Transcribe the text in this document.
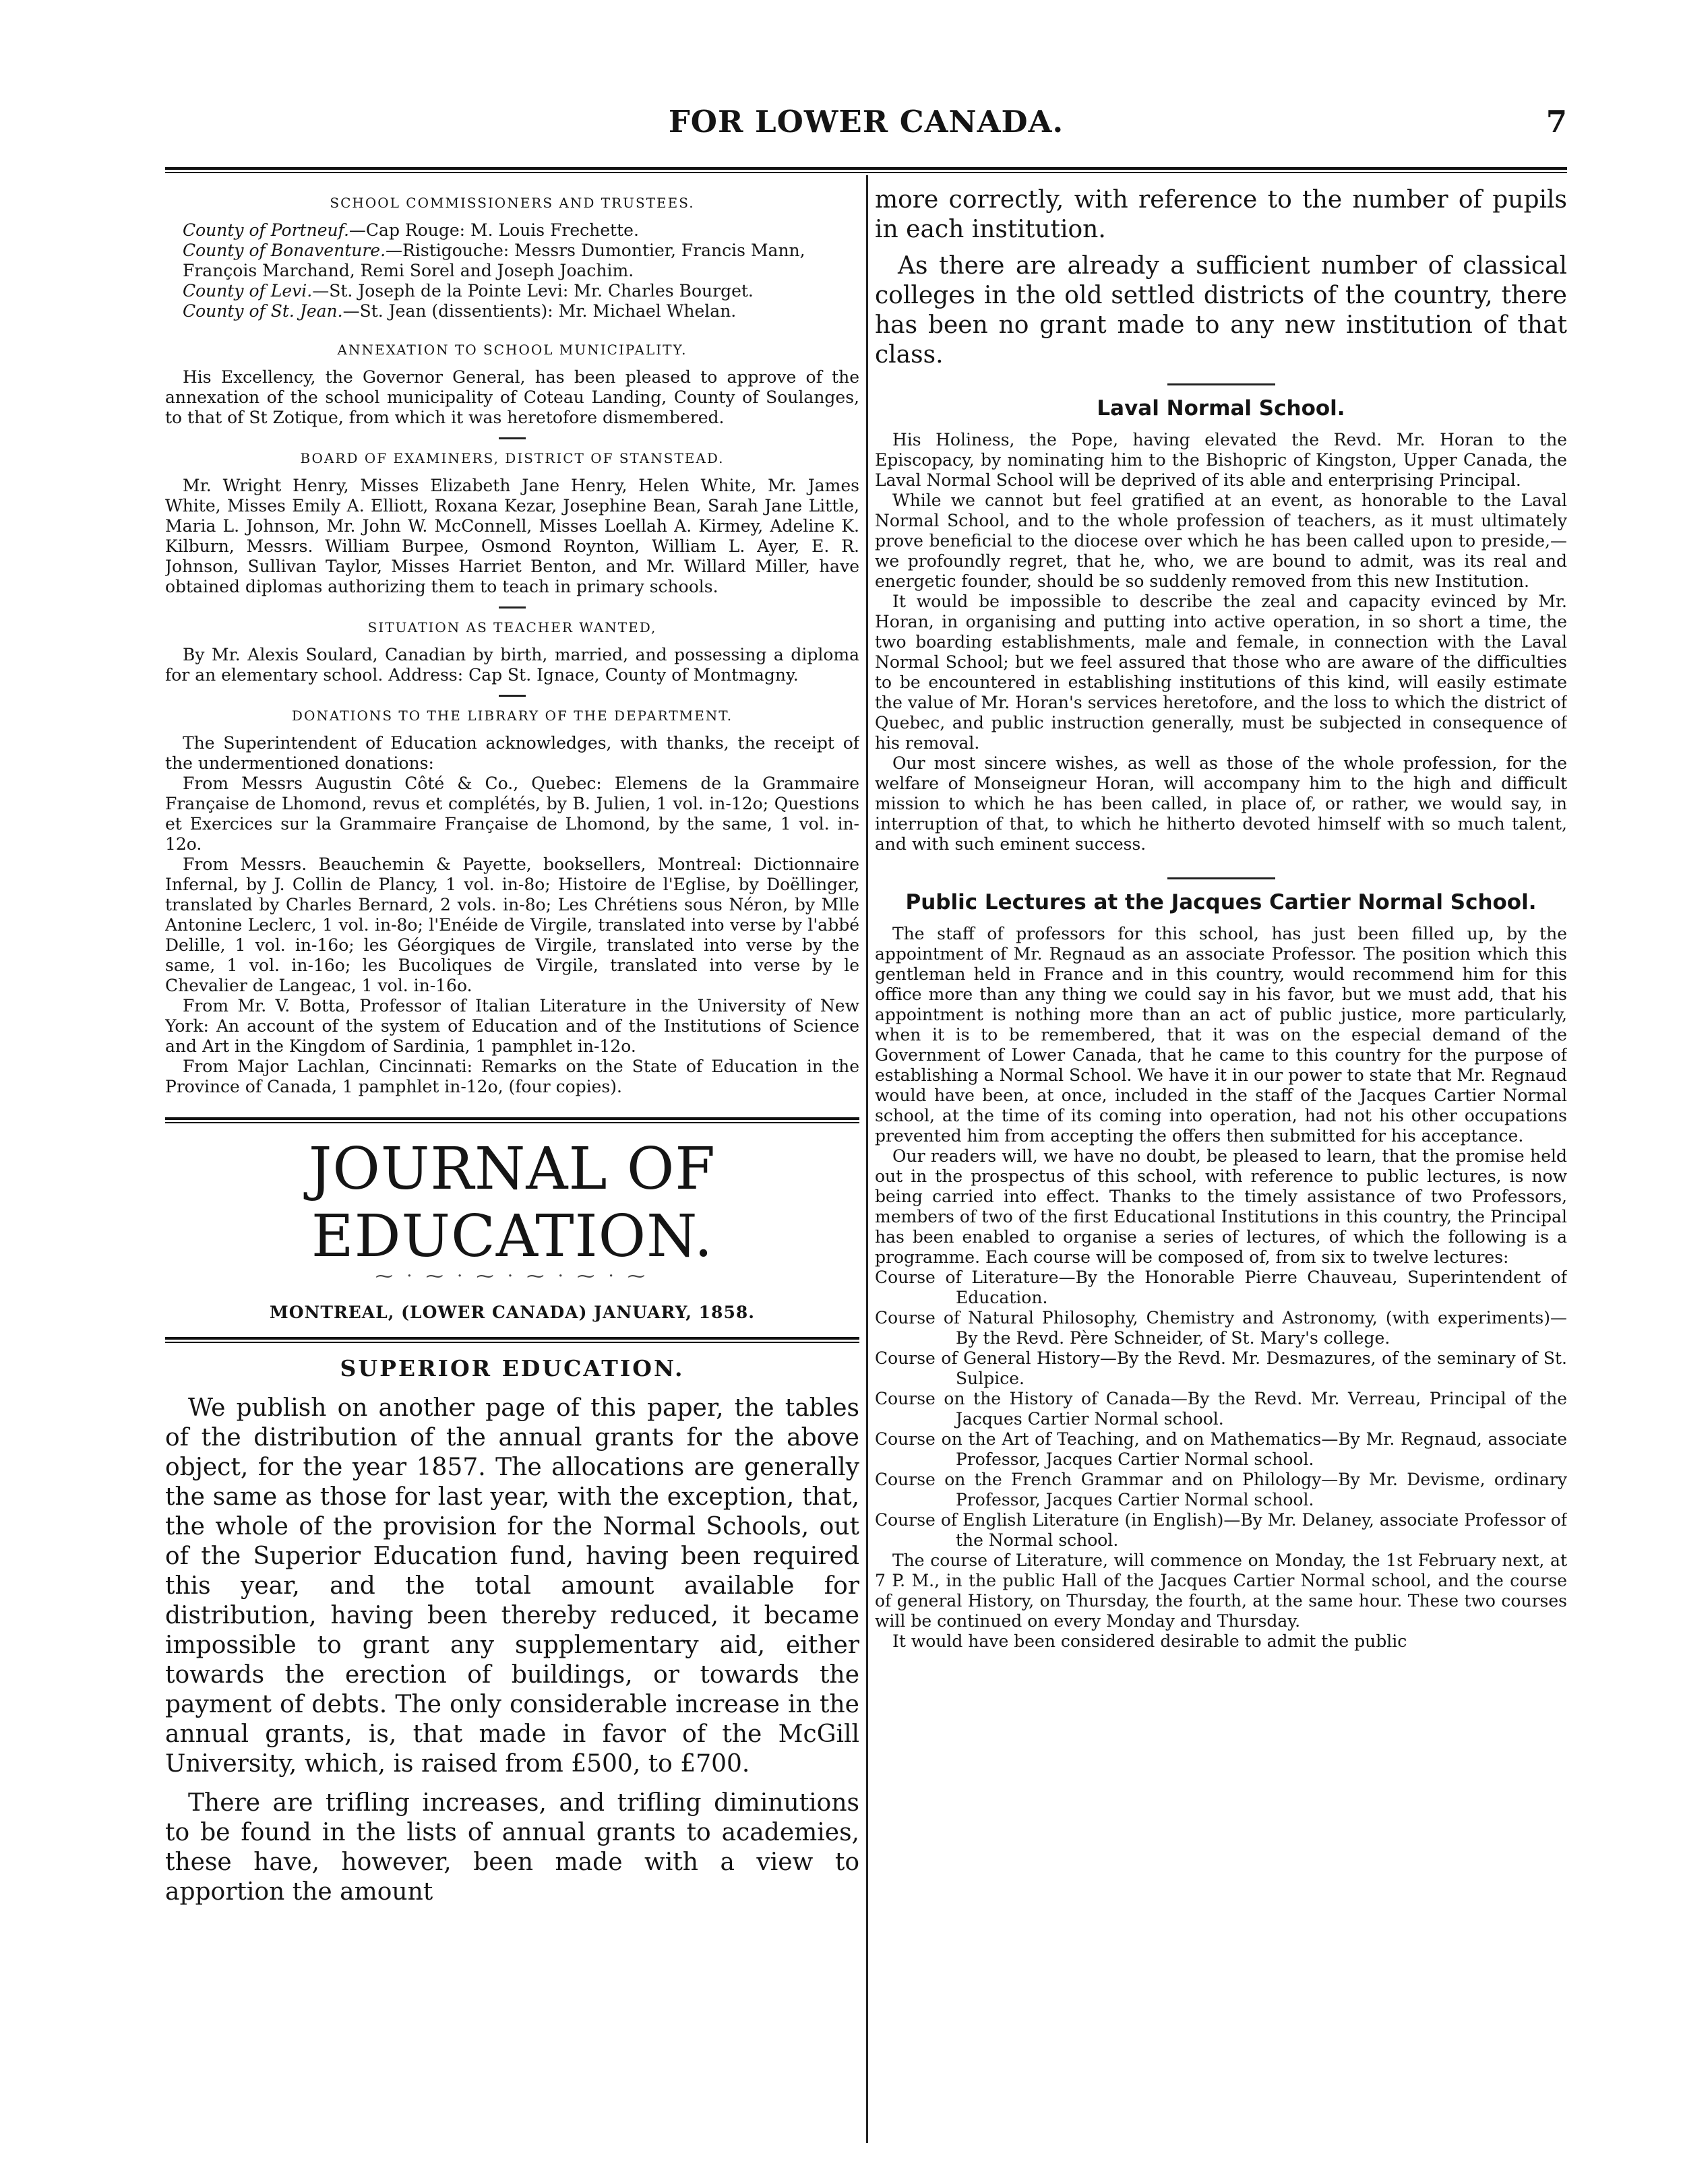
FOR LOWER CANADA.	7
SCHOOL COMMISSIONERS AND TRUSTEES.

County of Portneuf.—Cap Rouge: M. Louis Frechette.

County of Bonaventure.—Ristigouche: Messrs Dumontier, Francis Mann, François Marchand, Remi Sorel and Joseph Joachim.

County of Levi.—St. Joseph de la Pointe Levi: Mr. Charles Bourget.

County of St. Jean.—St. Jean (dissentients): Mr. Michael Whelan.

ANNEXATION TO SCHOOL MUNICIPALITY.

His Excellency, the Governor General, has been pleased to approve of the annexation of the school municipality of Coteau Landing, County of Soulanges, to that of St Zotique, from which it was heretofore dismembered.

BOARD OF EXAMINERS, DISTRICT OF STANSTEAD.

Mr. Wright Henry, Misses Elizabeth Jane Henry, Helen White, Mr. James White, Misses Emily A. Elliott, Roxana Kezar, Josephine Bean, Sarah Jane Little, Maria L. Johnson, Mr. John W. McConnell, Misses Loellah A. Kirmey, Adeline K. Kilburn, Messrs. William Burpee, Osmond Roynton, William L. Ayer, E. R. Johnson, Sullivan Taylor, Misses Harriet Benton, and Mr. Willard Miller, have obtained diplomas authorizing them to teach in primary schools.

SITUATION AS TEACHER WANTED,

By Mr. Alexis Soulard, Canadian by birth, married, and possessing a diploma for an elementary school. Address: Cap St. Ignace, County of Montmagny.

DONATIONS TO THE LIBRARY OF THE DEPARTMENT.

The Superintendent of Education acknowledges, with thanks, the receipt of the undermentioned donations:

From Messrs Augustin Côté & Co., Quebec: Elemens de la Grammaire Française de Lhomond, revus et complétés, by B. Julien, 1 vol. in-12o; Questions et Exercices sur la Grammaire Française de Lhomond, by the same, 1 vol. in-12o.

From Messrs. Beauchemin & Payette, booksellers, Montreal: Dictionnaire Infernal, by J. Collin de Plancy, 1 vol. in-8o; Histoire de l'Eglise, by Doëllinger, translated by Charles Bernard, 2 vols. in-8o; Les Chrétiens sous Néron, by Mlle Antonine Leclerc, 1 vol. in-8o; l'Enéide de Virgile, translated into verse by l'abbé Delille, 1 vol. in-16o; les Géorgiques de Virgile, translated into verse by the same, 1 vol. in-16o; les Bucoliques de Virgile, translated into verse by le Chevalier de Langeac, 1 vol. in-16o.

From Mr. V. Botta, Professor of Italian Literature in the University of New York: An account of the system of Education and of the Institutions of Science and Art in the Kingdom of Sardinia, 1 pamphlet in-12o.

From Major Lachlan, Cincinnati: Remarks on the State of Education in the Province of Canada, 1 pamphlet in-12o, (four copies).

JOURNAL OF EDUCATION.
⁓ · ⁓ · ⁓ · ⁓ · ⁓ · ⁓
MONTREAL, (LOWER CANADA) JANUARY, 1858.
SUPERIOR EDUCATION.

We publish on another page of this paper, the tables of the distribution of the annual grants for the above object, for the year 1857. The allocations are generally the same as those for last year, with the exception, that, the whole of the provision for the Normal Schools, out of the Superior Education fund, having been required this year, and the total amount available for distribution, having been thereby reduced, it became impossible to grant any supplementary aid, either towards the erection of buildings, or towards the payment of debts. The only considerable increase in the annual grants, is, that made in favor of the McGill University, which, is raised from £500, to £700.

There are trifling increases, and trifling diminutions to be found in the lists of annual grants to academies, these have, however, been made with a view to apportion the amount

more correctly, with reference to the number of pupils in each institution.

As there are already a sufficient number of classical colleges in the old settled districts of the country, there has been no grant made to any new institution of that class.

Laval Normal School.

His Holiness, the Pope, having elevated the Revd. Mr. Horan to the Episcopacy, by nominating him to the Bishopric of Kingston, Upper Canada, the Laval Normal School will be deprived of its able and enterprising Principal.

While we cannot but feel gratified at an event, as honorable to the Laval Normal School, and to the whole profession of teachers, as it must ultimately prove beneficial to the diocese over which he has been called upon to preside,—we profoundly regret, that he, who, we are bound to admit, was its real and energetic founder, should be so suddenly removed from this new Institution.

It would be impossible to describe the zeal and capacity evinced by Mr. Horan, in organising and putting into active operation, in so short a time, the two boarding establishments, male and female, in connection with the Laval Normal School; but we feel assured that those who are aware of the difficulties to be encountered in establishing institutions of this kind, will easily estimate the value of Mr. Horan's services heretofore, and the loss to which the district of Quebec, and public instruction generally, must be subjected in consequence of his removal.

Our most sincere wishes, as well as those of the whole profession, for the welfare of Monseigneur Horan, will accompany him to the high and difficult mission to which he has been called, in place of, or rather, we would say, in interruption of that, to which he hitherto devoted himself with so much talent, and with such eminent success.

Public Lectures at the Jacques Cartier Normal School.

The staff of professors for this school, has just been filled up, by the appointment of Mr. Regnaud as an associate Professor. The position which this gentleman held in France and in this country, would recommend him for this office more than any thing we could say in his favor, but we must add, that his appointment is nothing more than an act of public justice, more particularly, when it is to be remembered, that it was on the especial demand of the Government of Lower Canada, that he came to this country for the purpose of establishing a Normal School. We have it in our power to state that Mr. Regnaud would have been, at once, included in the staff of the Jacques Cartier Normal school, at the time of its coming into operation, had not his other occupations prevented him from accepting the offers then submitted for his acceptance.

Our readers will, we have no doubt, be pleased to learn, that the promise held out in the prospectus of this school, with reference to public lectures, is now being carried into effect. Thanks to the timely assistance of two Professors, members of two of the first Educational Institutions in this country, the Principal has been enabled to organise a series of lectures, of which the following is a programme. Each course will be composed of, from six to twelve lectures:

Course of Literature—By the Honorable Pierre Chauveau, Superintendent of Education.

Course of Natural Philosophy, Chemistry and Astronomy, (with experiments)—By the Revd. Père Schneider, of St. Mary's college.

Course of General History—By the Revd. Mr. Desmazures, of the seminary of St. Sulpice.

Course on the History of Canada—By the Revd. Mr. Verreau, Principal of the Jacques Cartier Normal school.

Course on the Art of Teaching, and on Mathematics—By Mr. Regnaud, associate Professor, Jacques Cartier Normal school.

Course on the French Grammar and on Philology—By Mr. Devisme, ordinary Professor, Jacques Cartier Normal school.

Course of English Literature (in English)—By Mr. Delaney, associate Professor of the Normal school.

The course of Literature, will commence on Monday, the 1st February next, at 7 P. M., in the public Hall of the Jacques Cartier Normal school, and the course of general History, on Thursday, the fourth, at the same hour. These two courses will be continued on every Monday and Thursday.

It would have been considered desirable to admit the public
